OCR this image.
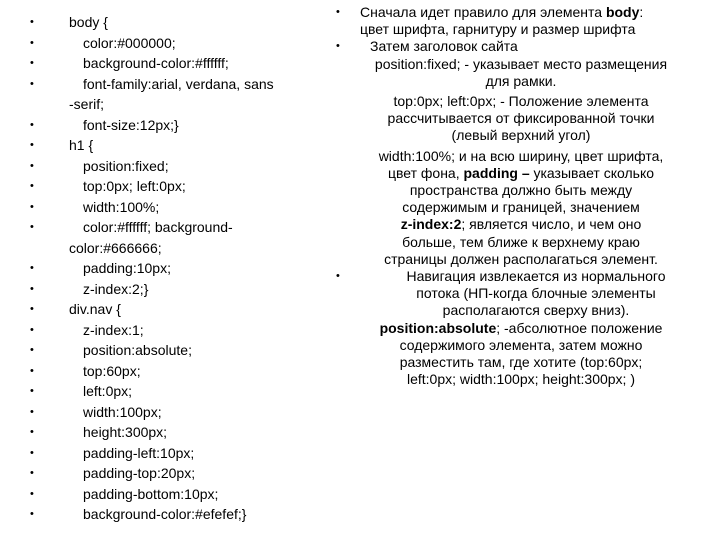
•	body {
•	color:#000000;
•	background-color:#ffffff;
•	font-family:arial, verdana, sans
-serif;
•	font-size:12px;}
•	h1 {
•	position:fixed;
•	top:0px; left:0px;
•	width:100%;
•	color:#ffffff; background-
color:#666666;
•	padding:10px;
•	z-index:2;}
•	div.nav {
•	z-index:1;
•	position:absolute;
•	top:60px;
•	left:0px;
•	width:100px;
•	height:300px;
•	padding-left:10px;
•	padding-top:20px;
•	padding-bottom:10px;
•	background-color:#efefef;}
• Сначала идет правило для элемента body:
цвет шрифта, гарнитуру и размер шрифта
• Затем заголовок сайта
position:fixed; - указывает место размещения
для рамки.
top:0px; left:0px; - Положение элемента
рассчитывается от фиксированной точки
(левый верхний угол)
width:100%; и на всю ширину, цвет шрифта,
цвет фона, padding – указывает сколько
пространства должно быть между
содержимым и границей, значением
z-index:2; является число, и чем оно
больше, тем ближе к верхнему краю
страницы должен располагаться элемент.
•	Навигация извлекается из нормального
потока (НП-когда блочные элементы
располагаются сверху вниз).
position:absolute; -абсолютное положение
содержимого элемента, затем можно
разместить там, где хотите (top:60px;
left:0px; width:100px; height:300px; )
